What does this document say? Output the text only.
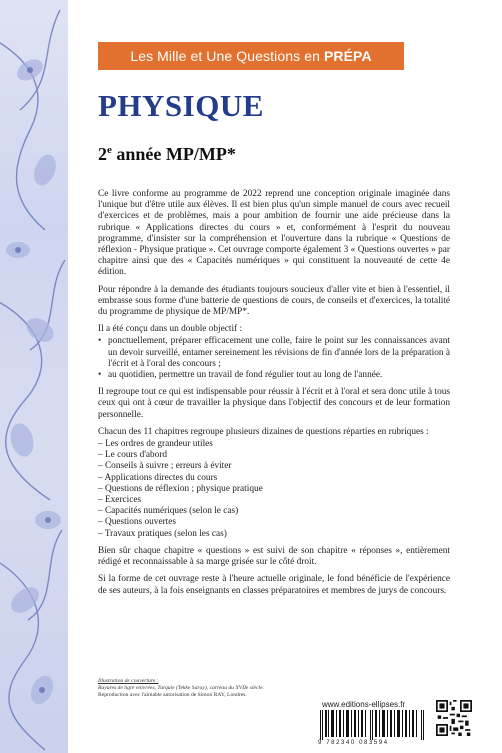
Les Mille et Une Questions en PRÉPA
PHYSIQUE
2e année MP/MP*

Ce livre conforme au programme de 2022 reprend une conception originale imaginée dans l'unique but d'être utile aux élèves. Il est bien plus qu'un simple manuel de cours avec recueil d'exercices et de problèmes, mais a pour ambition de fournir une aide précieuse dans la rubrique « Applications directes du cours » et, conformément à l'esprit du nouveau programme, d'insister sur la compréhension et l'ouverture dans la rubrique « Questions de réflexion - Physique pratique ». Cet ouvrage comporte également 3 « Questions ouvertes » par chapitre ainsi que des « Capacités numériques » qui constituent la nouveauté de cette 4e édition.

Pour répondre à la demande des étudiants toujours soucieux d'aller vite et bien à l'essentiel, il embrasse sous forme d'une batterie de questions de cours, de conseils et d'exercices, la totalité du programme de physique de MP/MP*.

Il a été conçu dans un double objectif :

• ponctuellement, préparer efficacement une colle, faire le point sur les connaissances avant un devoir surveillé, entamer sereinement les révisions de fin d'année lors de la préparation à l'écrit et à l'oral des concours ;
• au quotidien, permettre un travail de fond régulier tout au long de l'année.

Il regroupe tout ce qui est indispensable pour réussir à l'écrit et à l'oral et sera donc utile à tous ceux qui ont à cœur de travailler la physique dans l'objectif des concours et de leur formation personnelle.

Chacun des 11 chapitres regroupe plusieurs dizaines de questions réparties en rubriques :

– Les ordres de grandeur utiles
– Le cours d'abord
– Conseils à suivre ; erreurs à éviter
– Applications directes du cours
– Questions de réflexion ; physique pratique
– Exercices
– Capacités numériques (selon le cas)
– Questions ouvertes
– Travaux pratiques (selon les cas)

Bien sûr chaque chapitre « questions » est suivi de son chapitre « réponses », entièrement rédigé et reconnaissable à sa marge grisée sur le côté droit.

Si la forme de cet ouvrage reste à l'heure actuelle originale, le fond bénéficie de l'expérience de ses auteurs, à la fois enseignants en classes préparatoires et membres de jurys de concours.

Illustration de couverture :
Rayures de tigre enivrées, Turquie (Tekke Saray), carreau du XVIIe siècle.
Reproduction avec l'aimable autorisation de Simon RAY, Londres.
www.editions-ellipses.fr
9 782340 083594
